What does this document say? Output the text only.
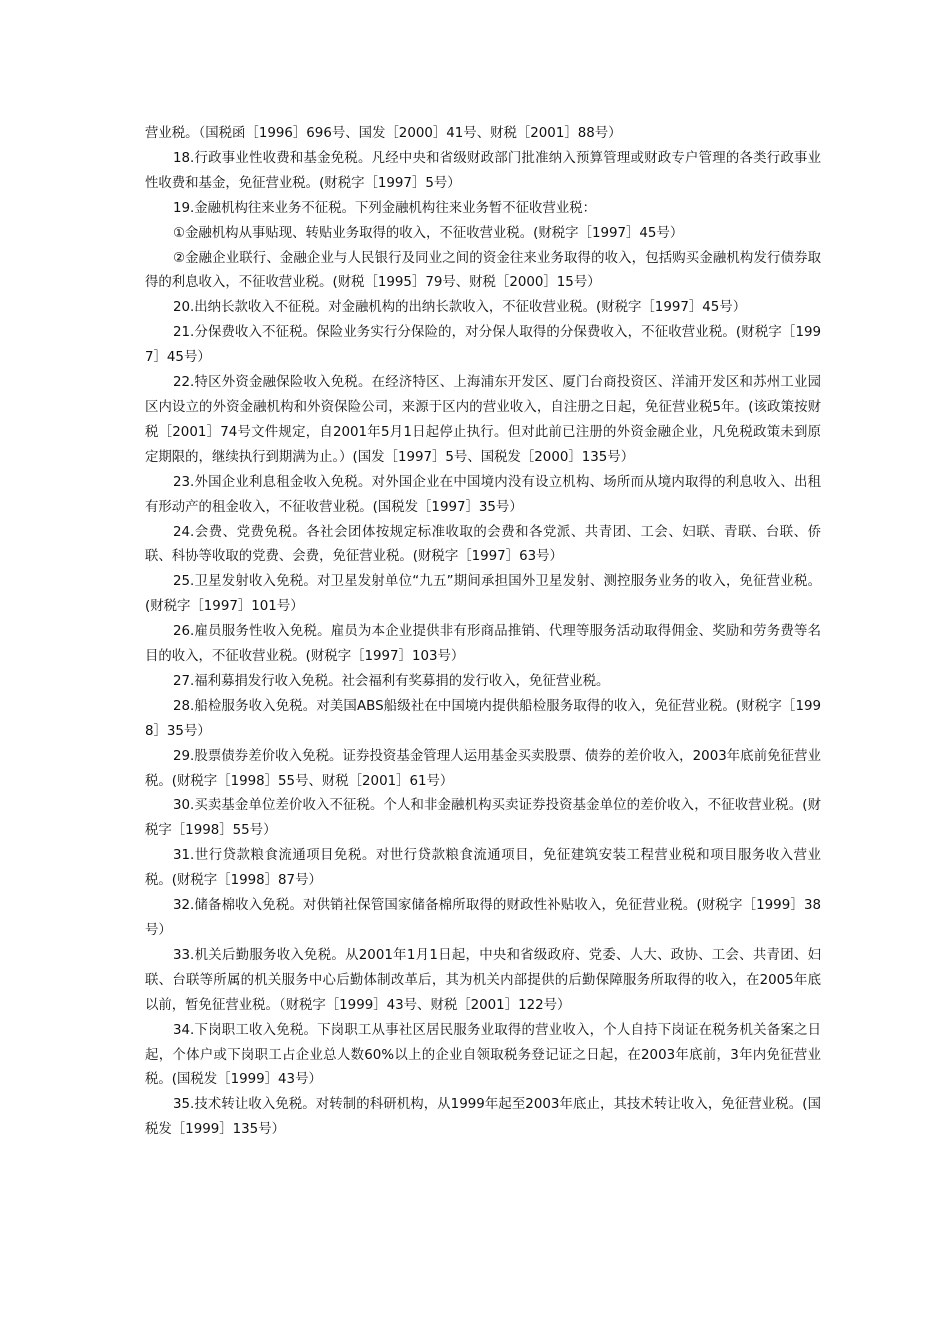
营业税。（国税函［1996］696号、国发［2000］41号、财税［2001］88号）

18.行政事业性收费和基金免税。凡经中央和省级财政部门批准纳入预算管理或财政专户管理的各类行政事业性收费和基金，免征营业税。(财税字［1997］5号）

19.金融机构往来业务不征税。下列金融机构往来业务暂不征收营业税：

①金融机构从事贴现、转贴业务取得的收入，不征收营业税。(财税字［1997］45号）

②金融企业联行、金融企业与人民银行及同业之间的资金往来业务取得的收入，包括购买金融机构发行债券取得的利息收入，不征收营业税。(财税［1995］79号、财税［2000］15号）

20.出纳长款收入不征税。对金融机构的出纳长款收入，不征收营业税。(财税字［1997］45号）

21.分保费收入不征税。保险业务实行分保险的，对分保人取得的分保费收入，不征收营业税。(财税字［1997］45号）

22.特区外资金融保险收入免税。在经济特区、上海浦东开发区、厦门台商投资区、洋浦开发区和苏州工业园区内设立的外资金融机构和外资保险公司，来源于区内的营业收入，自注册之日起，免征营业税5年。(该政策按财税［2001］74号文件规定，自2001年5月1日起停止执行。但对此前已注册的外资金融企业，凡免税政策未到原定期限的，继续执行到期满为止。）(国发［1997］5号、国税发［2000］135号）

23.外国企业利息租金收入免税。对外国企业在中国境内没有设立机构、场所而从境内取得的利息收入、出租有形动产的租金收入，不征收营业税。(国税发［1997］35号）

24.会费、党费免税。各社会团体按规定标准收取的会费和各党派、共青团、工会、妇联、青联、台联、侨联、科协等收取的党费、会费，免征营业税。(财税字［1997］63号）

25.卫星发射收入免税。对卫星发射单位“九五”期间承担国外卫星发射、测控服务业务的收入，免征营业税。(财税字［1997］101号）

26.雇员服务性收入免税。雇员为本企业提供非有形商品推销、代理等服务活动取得佣金、奖励和劳务费等名目的收入，不征收营业税。(财税字［1997］103号）

27.福利募捐发行收入免税。社会福利有奖募捐的发行收入，免征营业税。

28.船检服务收入免税。对美国ABS船级社在中国境内提供船检服务取得的收入，免征营业税。(财税字［1998］35号）

29.股票债券差价收入免税。证券投资基金管理人运用基金买卖股票、债券的差价收入，2003年底前免征营业税。(财税字［1998］55号、财税［2001］61号）

30.买卖基金单位差价收入不征税。个人和非金融机构买卖证券投资基金单位的差价收入，不征收营业税。(财税字［1998］55号）

31.世行贷款粮食流通项目免税。对世行贷款粮食流通项目，免征建筑安装工程营业税和项目服务收入营业税。(财税字［1998］87号）

32.储备棉收入免税。对供销社保管国家储备棉所取得的财政性补贴收入，免征营业税。(财税字［1999］38号）

33.机关后勤服务收入免税。从2001年1月1日起，中央和省级政府、党委、人大、政协、工会、共青团、妇联、台联等所属的机关服务中心后勤体制改革后，其为机关内部提供的后勤保障服务所取得的收入，在2005年底以前，暂免征营业税。（财税字［1999］43号、财税［2001］122号）

34.下岗职工收入免税。下岗职工从事社区居民服务业取得的营业收入，个人自持下岗证在税务机关备案之日起，个体户或下岗职工占企业总人数60%以上的企业自领取税务登记证之日起，在2003年底前，3年内免征营业税。(国税发［1999］43号）

35.技术转让收入免税。对转制的科研机构，从1999年起至2003年底止，其技术转让收入，免征营业税。(国税发［1999］135号）
